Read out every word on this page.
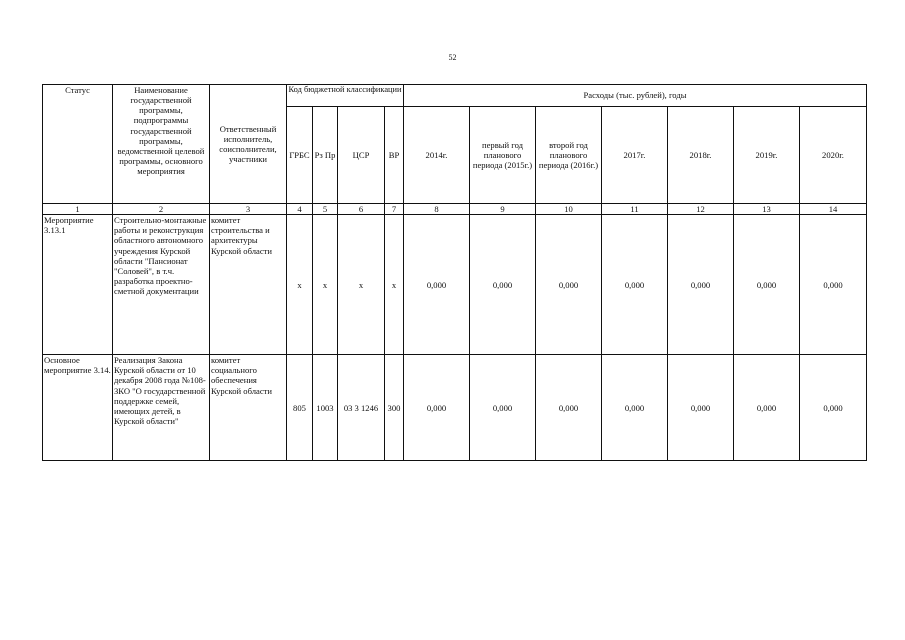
52
Статус	Наименование государственной программы, подпрограммы государственной программы, ведомственной целевой программы, основного мероприятия	Ответственный исполнитель, соисполнители, участники	Код бюджетной классификации				Расходы (тыс. рублей), годы						
			ГРБС	Рз Пр	ЦСР	ВР	2014г.	первый год планового периода (2015г.)	второй год планового периода (2016г.)	2017г.	2018г.	2019г.	2020г.
1	2	3	4	5	6	7	8	9	10	11	12	13	14
Мероприятие 3.13.1	Строительно-монтажные работы и реконструкция областного автономного учреждения Курской области "Пансионат "Соловей", в т.ч. разработка проектно-сметной документации	комитет строительства и архитектуры Курской области	x	x	x	x	0,000	0,000	0,000	0,000	0,000	0,000	0,000
Основное мероприятие 3.14.	Реализация Закона Курской области от 10 декабря 2008 года №108-ЗКО "О государственной поддержке семей, имеющих детей, в Курской области"	комитет социального обеспечения Курской области	805	1003	03 3 1246	300	0,000	0,000	0,000	0,000	0,000	0,000	0,000
